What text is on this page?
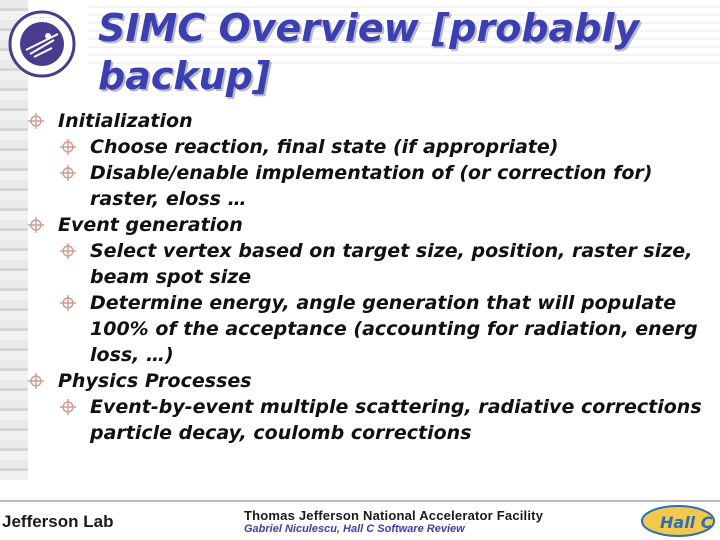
· · · · · · · · SIMC Overview [probably backup]
Initialization
Choose reaction, final state (if appropriate)
Disable/enable implementation of (or correction for)
raster, eloss …
Event generation
Select vertex based on target size, position, raster size,
beam spot size
Determine energy, angle generation that will populate
100% of the acceptance (accounting for radiation, energ
loss, …)
Physics Processes
Event-by-event multiple scattering, radiative corrections
particle decay, coulomb corrections
Jefferson Lab	Thomas Jefferson National Accelerator Facility
Gabriel Niculescu, Hall C Software Review	Hall C
